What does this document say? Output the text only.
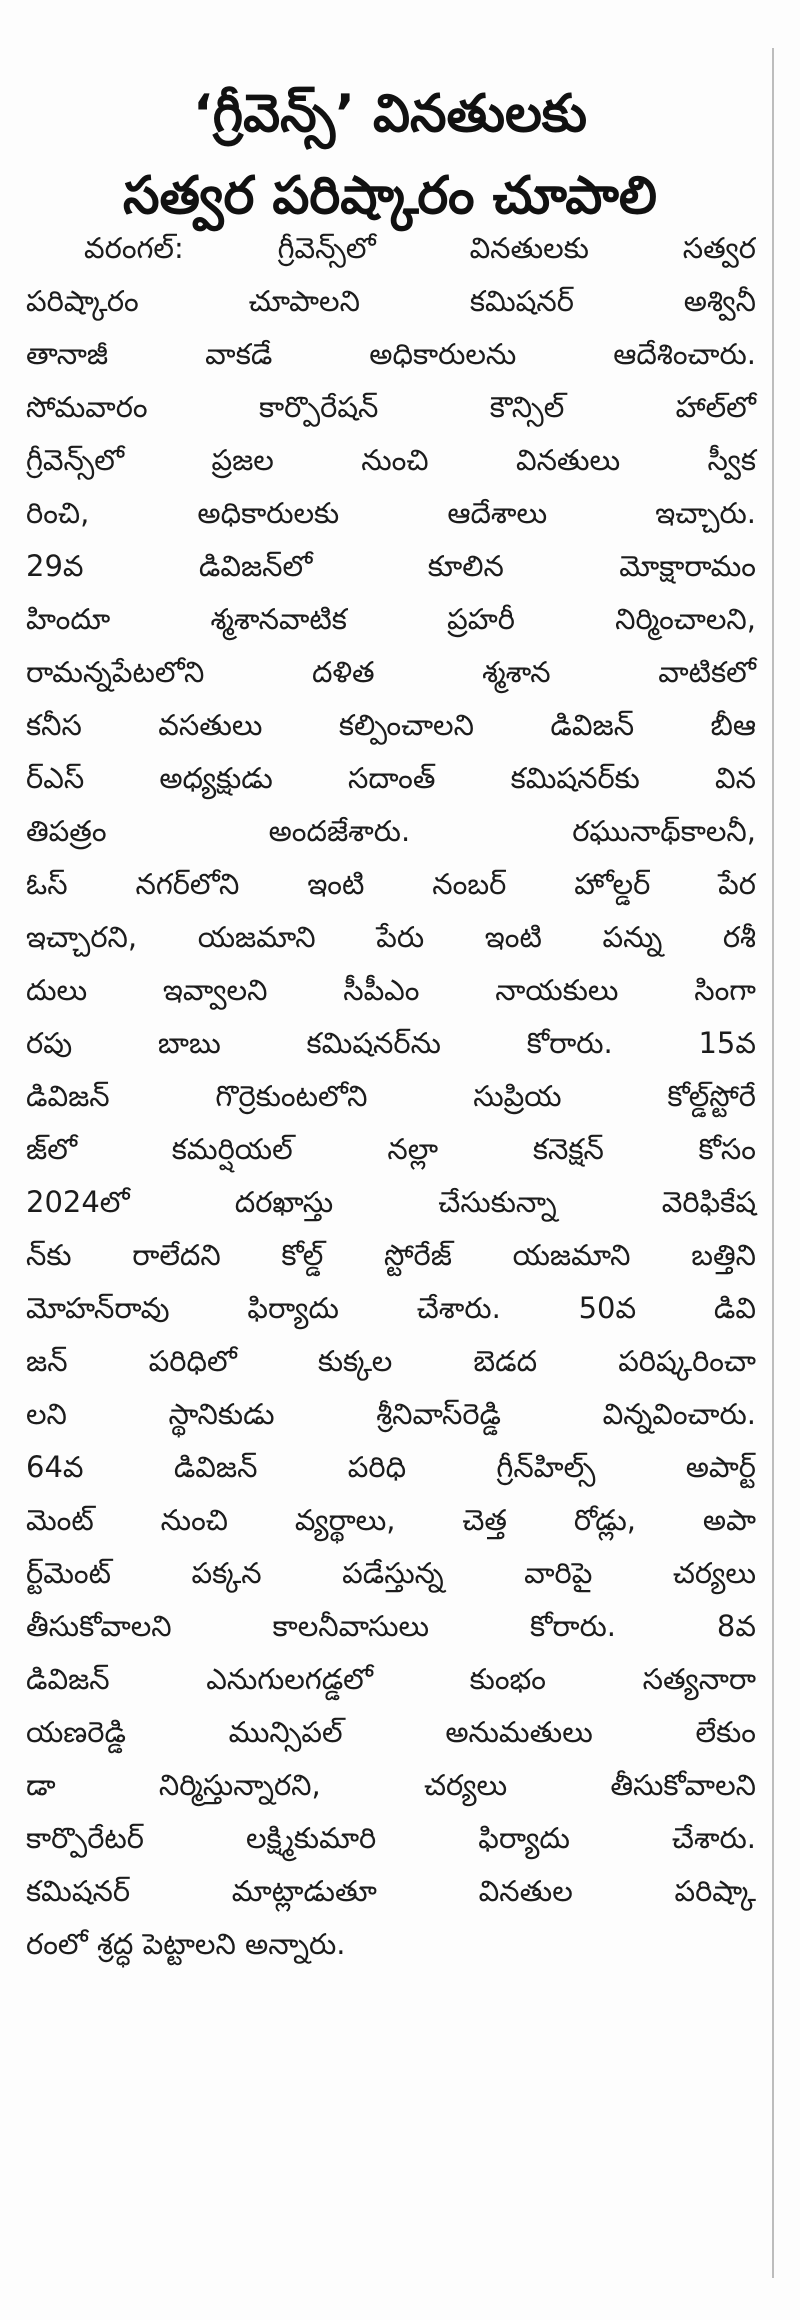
‘గ్రీవెన్స్’ వినతులకు
సత్వర పరిష్కారం చూపాలి
వరంగల్: గ్రీవెన్స్‌లో వినతులకు సత్వర
పరిష్కారం చూపాలని కమిషనర్ అశ్వినీ
తానాజీ వాకడే అధికారులను ఆదేశించారు.
సోమవారం కార్పొరేషన్ కౌన్సిల్ హాల్‌లో
గ్రీవెన్స్‌లో ప్రజల నుంచి వినతులు స్వీక
రించి, అధికారులకు ఆదేశాలు ఇచ్చారు.
29వ డివిజన్‌లో కూలిన మోక్షారామం
హిందూ శ్మశానవాటిక ప్రహరీ నిర్మించాలని,
రామన్నపేటలోని దళిత శ్మశాన వాటికలో
కనీస వసతులు కల్పించాలని డివిజన్ బీఆ
ర్‌ఎస్ అధ్యక్షుడు సదాంత్ కమిషనర్‌కు విన
తిపత్రం అందజేశారు. రఘునాథ్‌కాలనీ,
ఓస్ నగర్‌లోని ఇంటి నంబర్ హోల్డర్ పేర
ఇచ్చారని, యజమాని పేరు ఇంటి పన్ను రశీ
దులు ఇవ్వాలని సీపీఎం నాయకులు సింగా
రపు బాబు కమిషనర్‌ను కోరారు. 15వ
డివిజన్ గొర్రెకుంటలోని సుప్రియ కోల్డ్‌స్టోరే
జ్‌లో కమర్షియల్ నల్లా కనెక్షన్ కోసం
2024లో దరఖాస్తు చేసుకున్నా వెరిఫికేష
న్‌కు రాలేదని కోల్డ్ స్టోరేజ్ యజమాని బత్తిని
మోహన్‌రావు ఫిర్యాదు చేశారు. 50వ డివి
జన్ పరిధిలో కుక్కల బెడద పరిష్కరించా
లని స్థానికుడు శ్రీనివాస్‌రెడ్డి విన్నవించారు.
64వ డివిజన్ పరిధి గ్రీన్‌హిల్స్ అపార్ట్
మెంట్ నుంచి వ్యర్థాలు, చెత్త రోడ్లు, అపా
ర్ట్‌మెంట్ పక్కన పడేస్తున్న వారిపై చర్యలు
తీసుకోవాలని కాలనీవాసులు కోరారు. 8వ
డివిజన్ ఎనుగులగడ్డలో కుంభం సత్యనారా
యణరెడ్డి మున్సిపల్ అనుమతులు లేకుం
డా నిర్మిస్తున్నారని, చర్యలు తీసుకోవాలని
కార్పొరేటర్ లక్ష్మికుమారి ఫిర్యాదు చేశారు.
కమిషనర్ మాట్లాడుతూ వినతుల పరిష్కా
రంలో శ్రద్ధ పెట్టాలని అన్నారు.
